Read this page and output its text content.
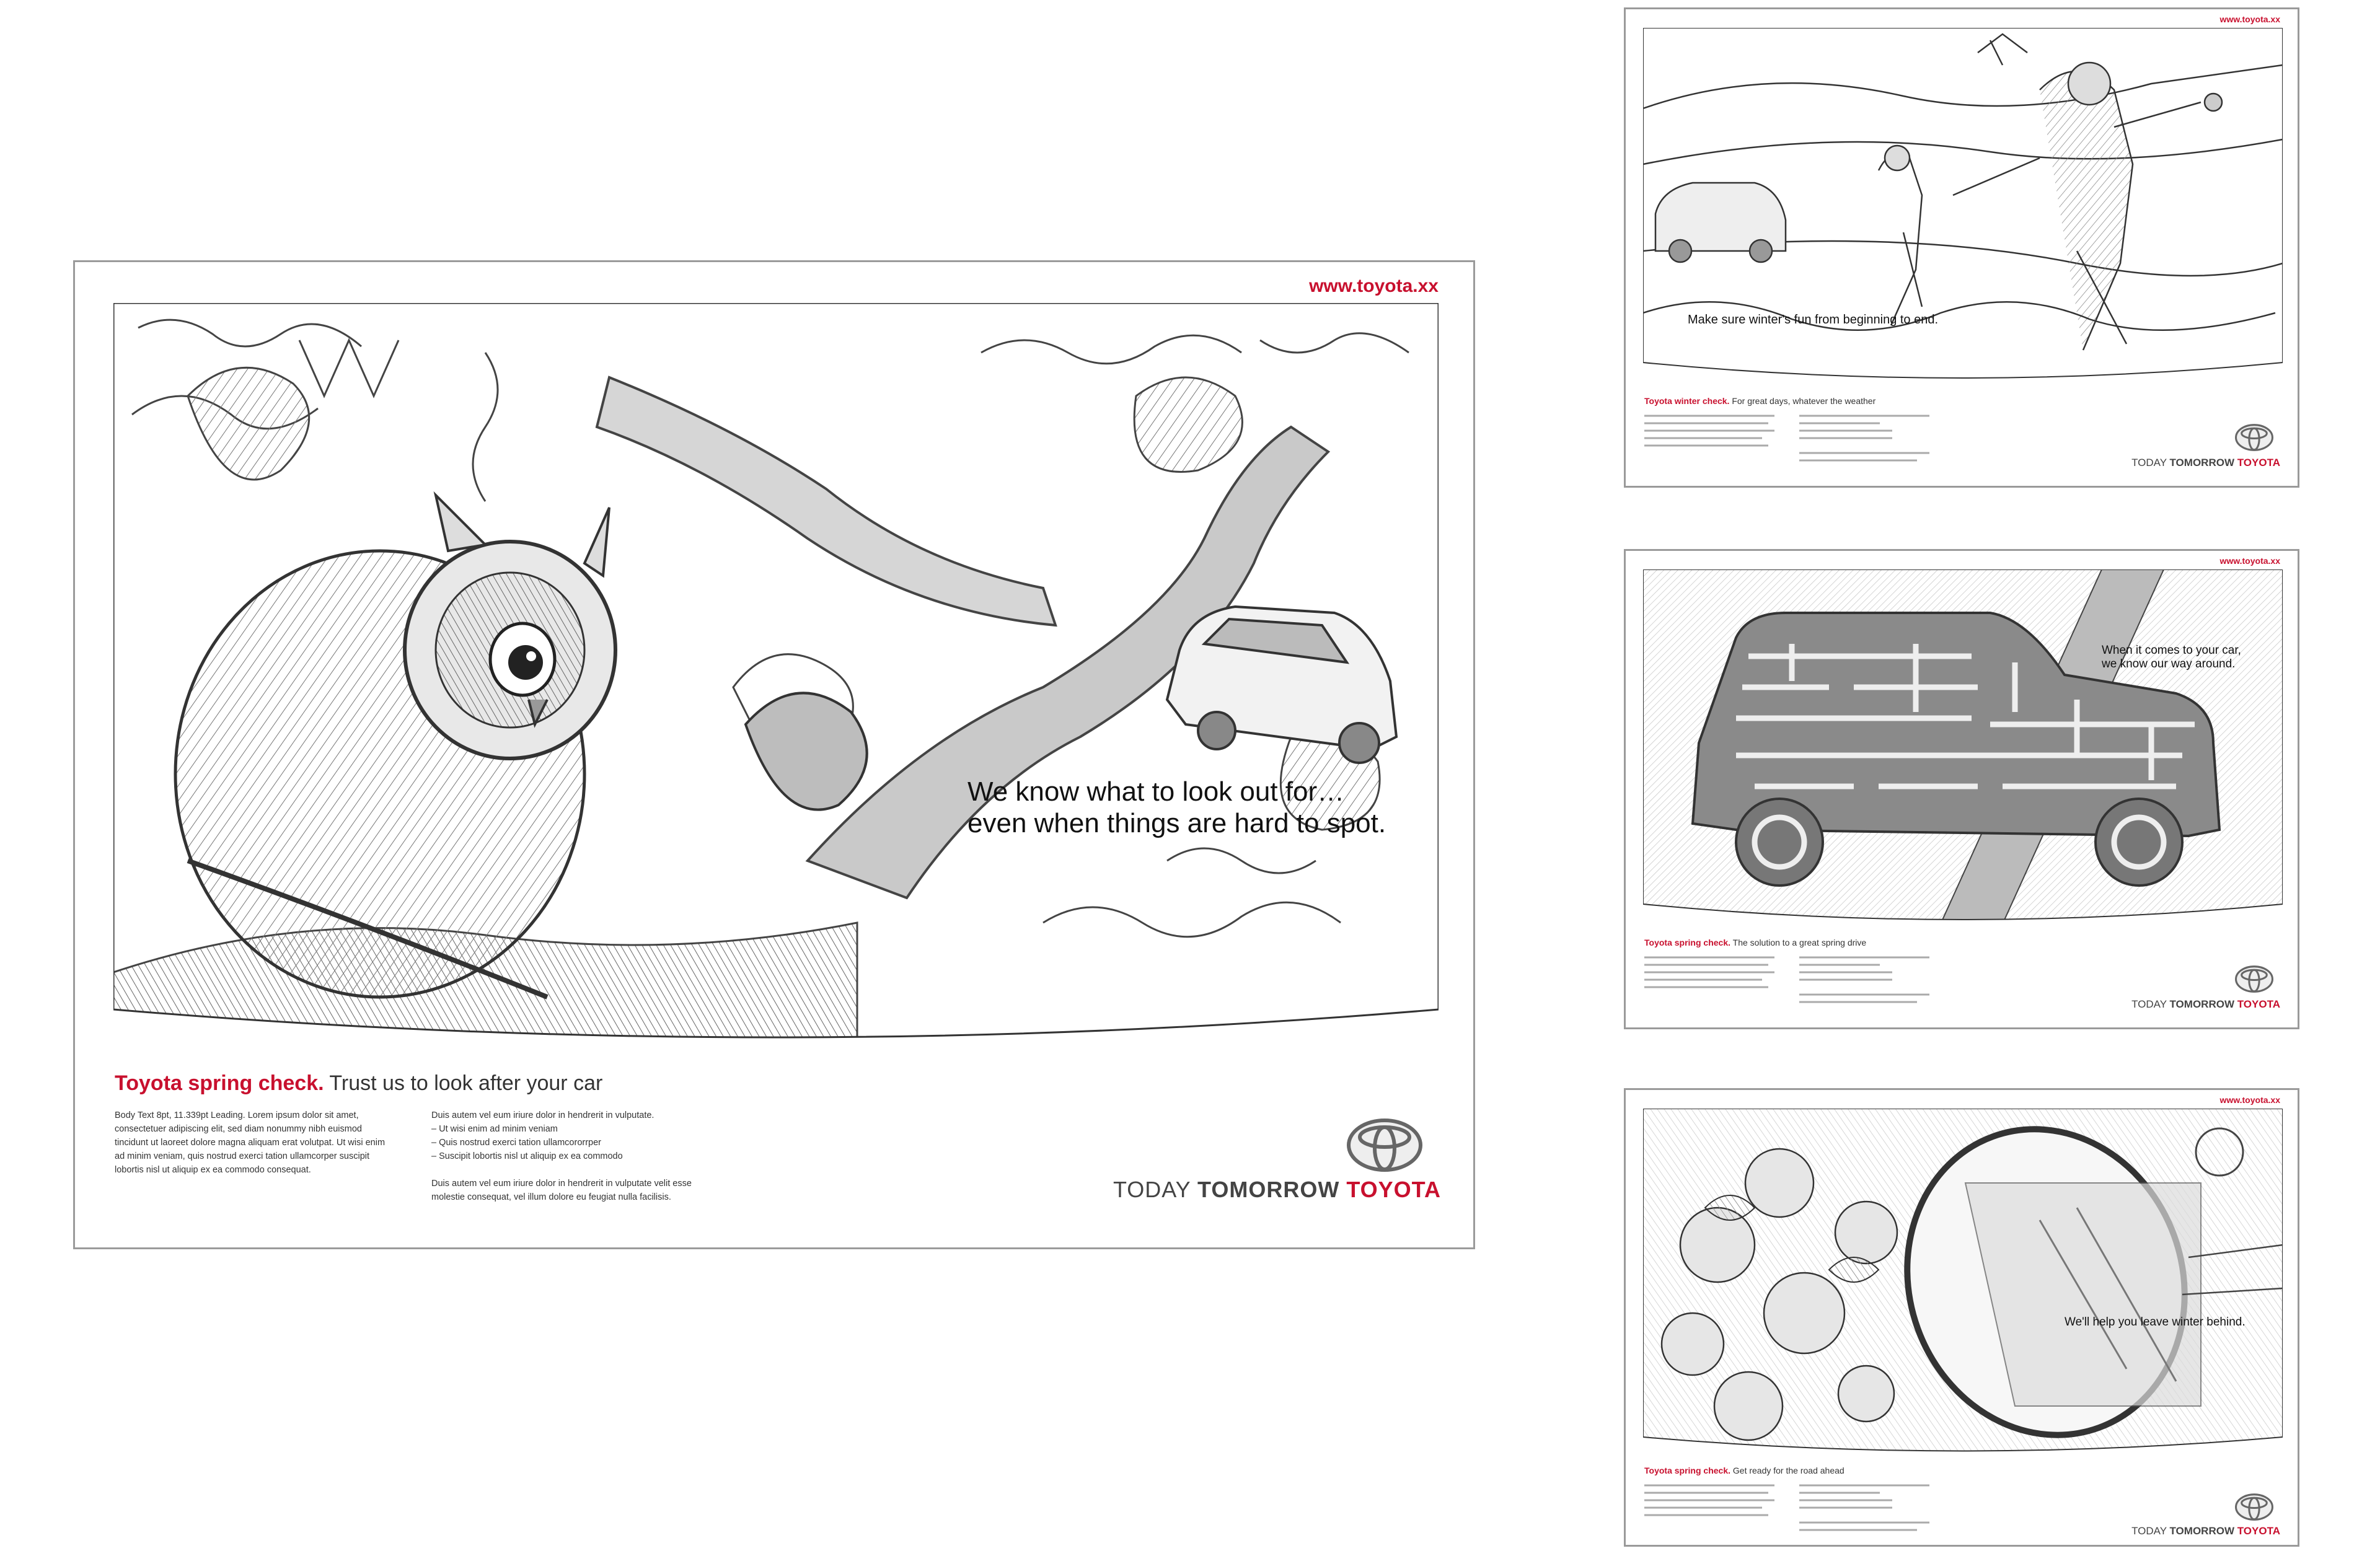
www.toyota.xx
We know what to look out for…
even when things are hard to spot.
Toyota spring check. Trust us to look after your car
Body Text 8pt, 11.339pt Leading. Lorem ipsum dolor sit amet,
consectetuer adipiscing elit, sed diam nonummy nibh euismod
tincidunt ut laoreet dolore magna aliquam erat volutpat. Ut wisi enim
ad minim veniam, quis nostrud exerci tation ullamcorper suscipit
lobortis nisl ut aliquip ex ea commodo consequat.
Duis autem vel eum iriure dolor in hendrerit in vulputate.
– Ut wisi enim ad minim veniam
– Quis nostrud exerci tation ullamcororrper
– Suscipit lobortis nisl ut aliquip ex ea commodo

Duis autem vel eum iriure dolor in hendrerit in vulputate velit esse
molestie consequat, vel illum dolore eu feugiat nulla facilisis.	TODAY TOMORROW TOYOTA
www.toyota.xx
Make sure winter's fun from beginning to end.
Toyota winter check. For great days, whatever the weather
TODAY TOMORROW TOYOTA
www.toyota.xx
When it comes to your car,
we know our way around.
Toyota spring check. The solution to a great spring drive
TODAY TOMORROW TOYOTA
www.toyota.xx
We'll help you leave winter behind.
Toyota spring check. Get ready for the road ahead
TODAY TOMORROW TOYOTA
